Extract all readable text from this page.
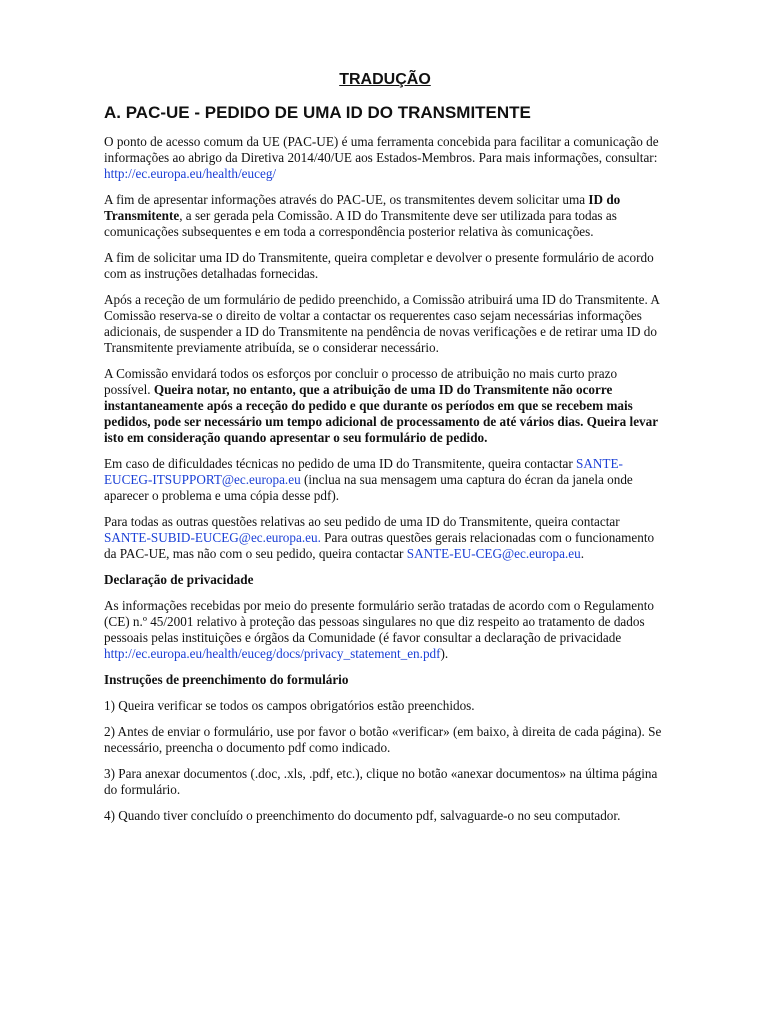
TRADUÇÃO
A. PAC-UE - PEDIDO DE UMA ID DO TRANSMITENTE

O ponto de acesso comum da UE (PAC-UE) é uma ferramenta concebida para facilitar a comunicação de informações ao abrigo da Diretiva 2014/40/UE aos Estados-Membros. Para mais informações, consultar: http://ec.europa.eu/health/euceg/

A fim de apresentar informações através do PAC-UE, os transmitentes devem solicitar uma ID do Transmitente, a ser gerada pela Comissão. A ID do Transmitente deve ser utilizada para todas as comunicações subsequentes e em toda a correspondência posterior relativa às comunicações.

A fim de solicitar uma ID do Transmitente, queira completar e devolver o presente formulário de acordo com as instruções detalhadas fornecidas.

Após a receção de um formulário de pedido preenchido, a Comissão atribuirá uma ID do Transmitente. A Comissão reserva-se o direito de voltar a contactar os requerentes caso sejam necessárias informações adicionais, de suspender a ID do Transmitente na pendência de novas verificações e de retirar uma ID do Transmitente previamente atribuída, se o considerar necessário.

A Comissão envidará todos os esforços por concluir o processo de atribuição no mais curto prazo possível. Queira notar, no entanto, que a atribuição de uma ID do Transmitente não ocorre instantaneamente após a receção do pedido e que durante os períodos em que se recebem mais pedidos, pode ser necessário um tempo adicional de processamento de até vários dias. Queira levar isto em consideração quando apresentar o seu formulário de pedido.

Em caso de dificuldades técnicas no pedido de uma ID do Transmitente, queira contactar SANTE-EUCEG-ITSUPPORT@ec.europa.eu (inclua na sua mensagem uma captura do écran da janela onde aparecer o problema e uma cópia desse pdf).

Para todas as outras questões relativas ao seu pedido de uma ID do Transmitente, queira contactar SANTE-SUBID-EUCEG@ec.europa.eu. Para outras questões gerais relacionadas com o funcionamento da PAC-UE, mas não com o seu pedido, queira contactar SANTE-EU-CEG@ec.europa.eu.

Declaração de privacidade

As informações recebidas por meio do presente formulário serão tratadas de acordo com o Regulamento (CE) n.º 45/2001 relativo à proteção das pessoas singulares no que diz respeito ao tratamento de dados pessoais pelas instituições e órgãos da Comunidade (é favor consultar a declaração de privacidade http://ec.europa.eu/health/euceg/docs/privacy_statement_en.pdf).

Instruções de preenchimento do formulário

1) Queira verificar se todos os campos obrigatórios estão preenchidos.

2) Antes de enviar o formulário, use por favor o botão «verificar» (em baixo, à direita de cada página). Se necessário, preencha o documento pdf como indicado.

3) Para anexar documentos (.doc, .xls, .pdf, etc.), clique no botão «anexar documentos» na última página do formulário.

4) Quando tiver concluído o preenchimento do documento pdf, salvaguarde-o no seu computador.
